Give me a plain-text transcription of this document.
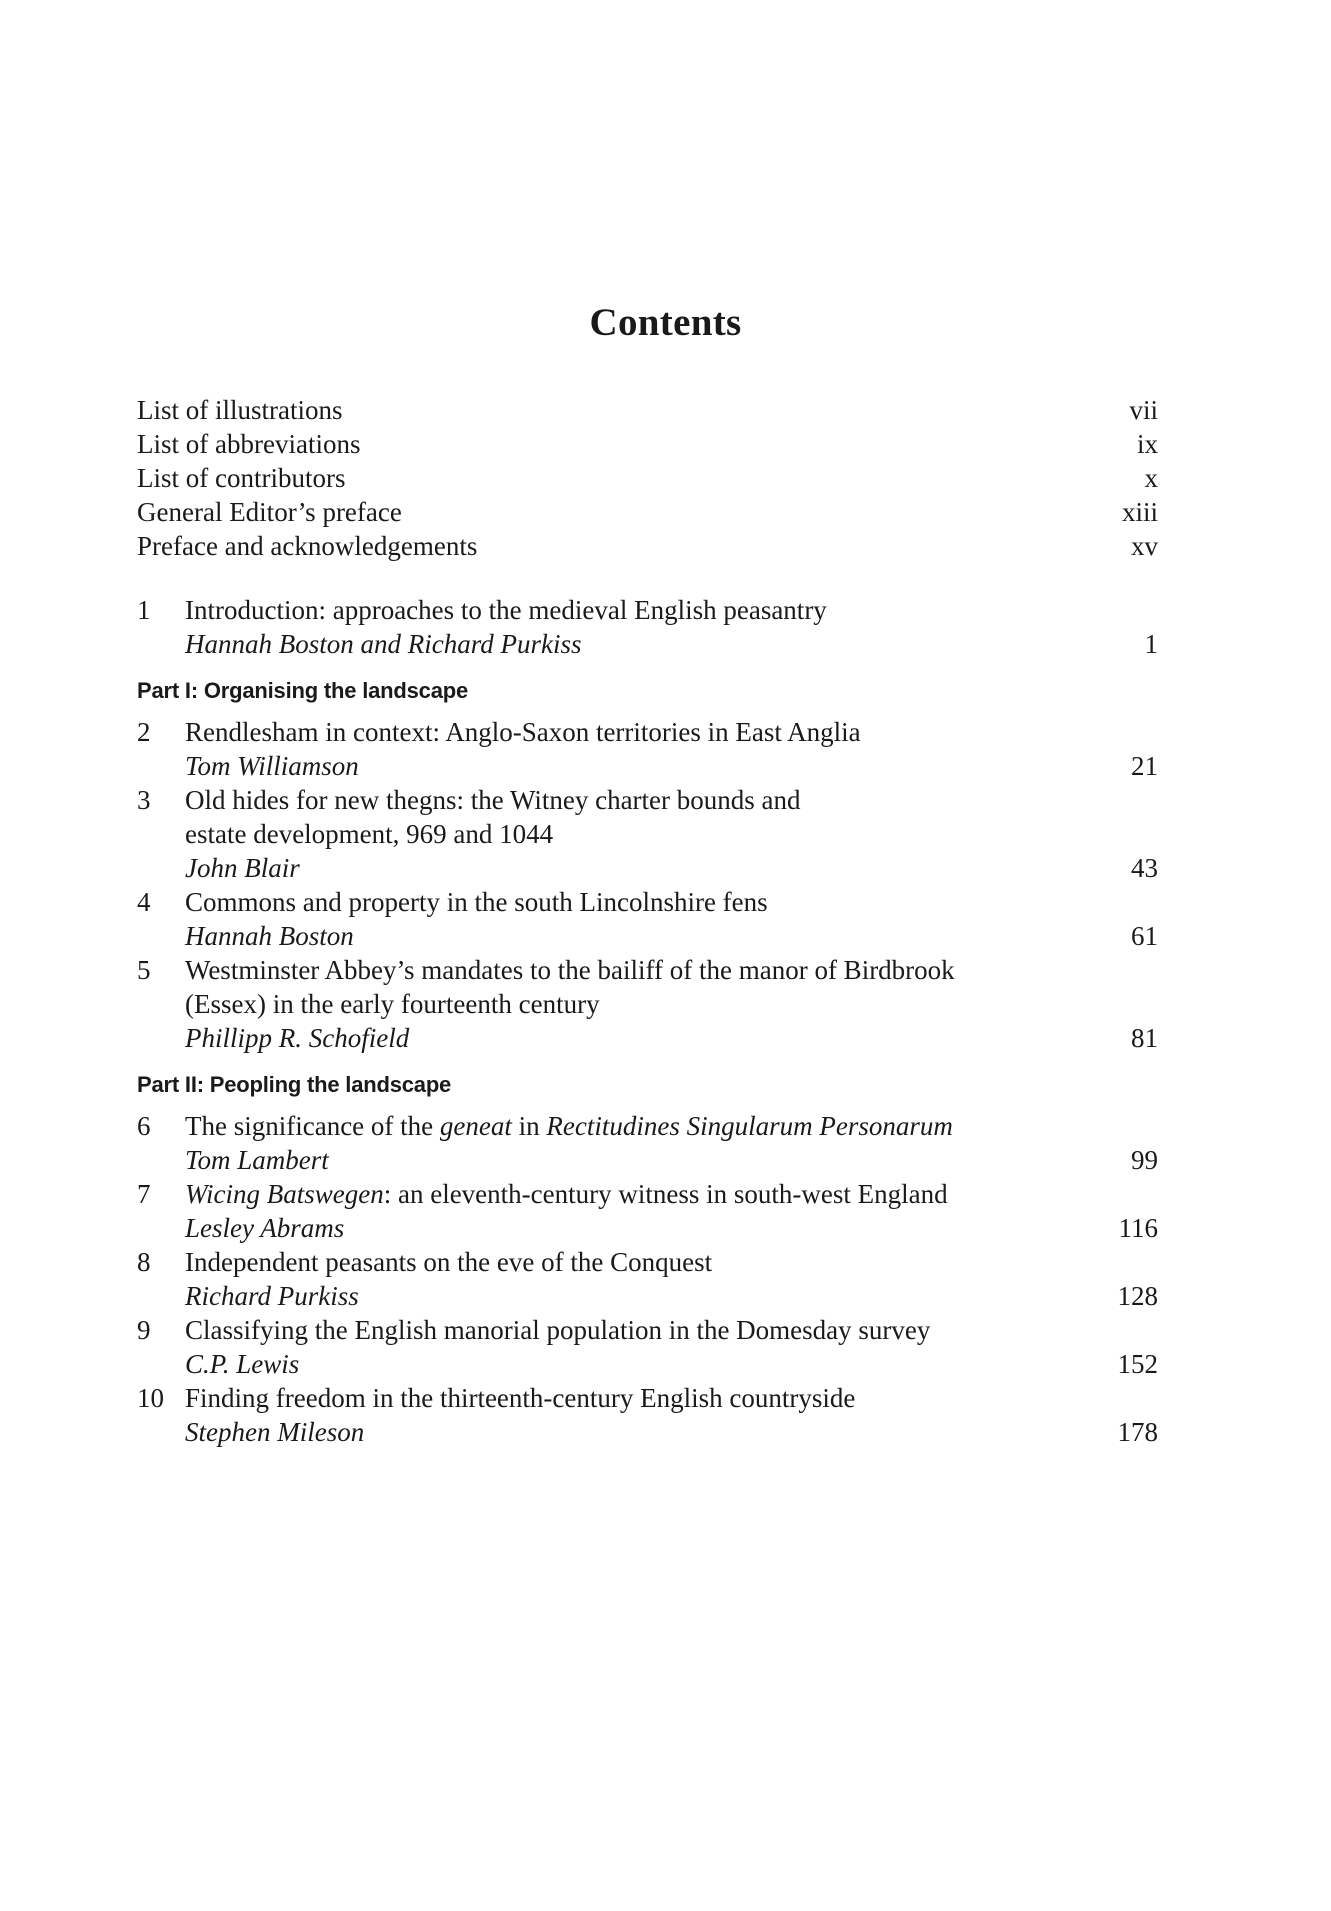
Contents
List of illustrations	vii
List of abbreviations	ix
List of contributors	x
General Editor’s preface	xiii
Preface and acknowledgements	xv
1 Introduction: approaches to the medieval English peasantry
Hannah Boston and Richard Purkiss	1
Part I: Organising the landscape
2 Rendlesham in context: Anglo-Saxon territories in East Anglia
Tom Williamson	21
3 Old hides for new thegns: the Witney charter bounds and
estate development, 969 and 1044
John Blair	43
4 Commons and property in the south Lincolnshire fens
Hannah Boston	61
5 Westminster Abbey’s mandates to the bailiff of the manor of Birdbrook
(Essex) in the early fourteenth century
Phillipp R. Schofield	81
Part II: Peopling the landscape
6 The significance of the geneat in Rectitudines Singularum Personarum
Tom Lambert	99
7 Wicing Batswegen: an eleventh-century witness in south-west England
Lesley Abrams	116
8 Independent peasants on the eve of the Conquest
Richard Purkiss	128
9 Classifying the English manorial population in the Domesday survey
C.P. Lewis	152
10 Finding freedom in the thirteenth-century English countryside
Stephen Mileson	178
